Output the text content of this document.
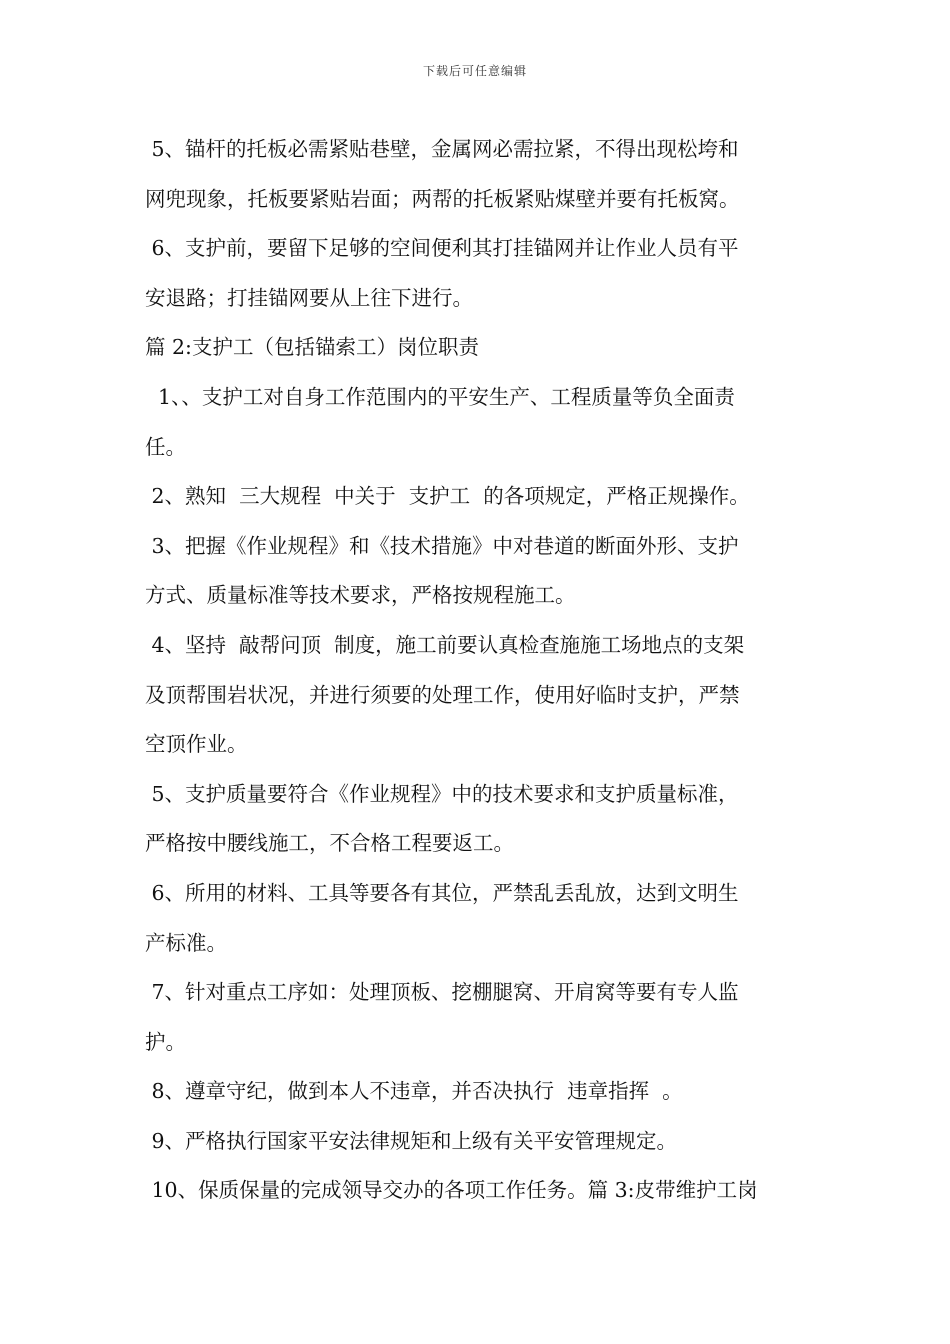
下载后可任意编辑
5、锚杆的托板必需紧贴巷壁，金属网必需拉紧，不得出现松垮和
网兜现象，托板要紧贴岩面；两帮的托板紧贴煤壁并要有托板窝。
6、支护前，要留下足够的空间便利其打挂锚网并让作业人员有平
安退路；打挂锚网要从上往下进行。
篇 2:支护工（包括锚索工）岗位职责
1、、支护工对自身工作范围内的平安生产、工程质量等负全面责
任。
2、熟知  三大规程  中关于  支护工  的各项规定，严格正规操作。
3、把握《作业规程》和《技术措施》中对巷道的断面外形、支护
方式、质量标准等技术要求，严格按规程施工。
4、坚持  敲帮问顶  制度，施工前要认真检查施施工场地点的支架
及顶帮围岩状况，并进行须要的处理工作，使用好临时支护，严禁
空顶作业。
5、支护质量要符合《作业规程》中的技术要求和支护质量标准，
严格按中腰线施工，不合格工程要返工。
6、所用的材料、工具等要各有其位，严禁乱丢乱放，达到文明生
产标准。
7、针对重点工序如：处理顶板、挖棚腿窝、开肩窝等要有专人监
护。
8、遵章守纪，做到本人不违章，并否决执行  违章指挥  。
9、严格执行国家平安法律规矩和上级有关平安管理规定。
10、保质保量的完成领导交办的各项工作任务。篇 3:皮带维护工岗
